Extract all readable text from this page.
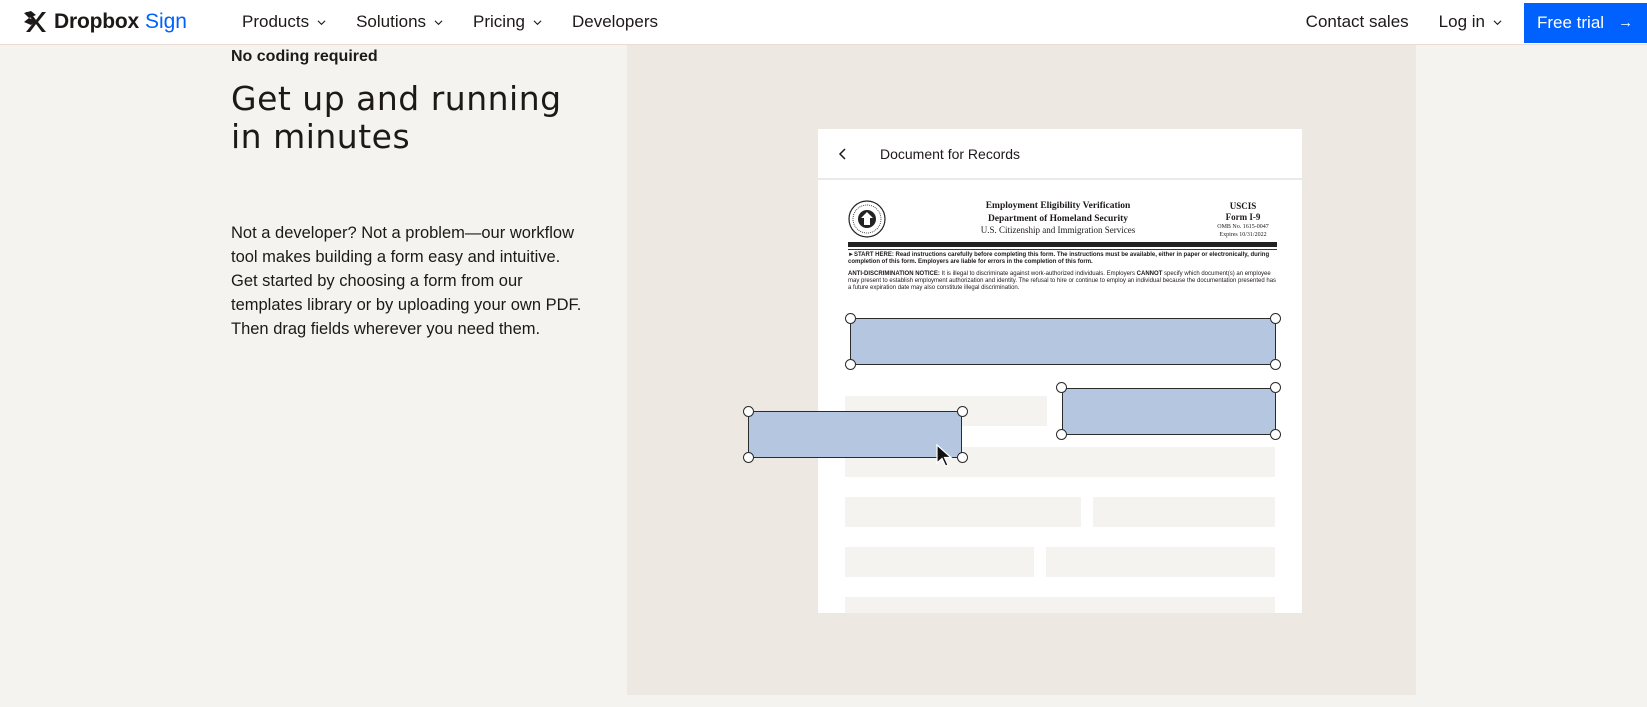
Dropbox Sign	Products	Solutions	Pricing	Developers	Contact sales Log in	Free trial →
No coding required
Get up and running in minutes

Not a developer? Not a problem—our workflow tool makes building a form easy and intuitive. Get started by choosing a form from our templates library or by uploading your own PDF. Then drag fields wherever you need them.

Document for Records
Employment Eligibility Verification
Department of Homeland Security
U.S. Citizenship and Immigration Services
USCIS
Form I-9
OMB No. 1615-0047
Expires 10/31/2022
►START HERE: Read instructions carefully before completing this form. The instructions must be available, either in paper or electronically, during completion of this form. Employers are liable for errors in the completion of this form.
ANTI-DISCRIMINATION NOTICE: It is illegal to discriminate against work-authorized individuals. Employers CANNOT specify which document(s) an employee may present to establish employment authorization and identity. The refusal to hire or continue to employ an individual because the documentation presented has a future expiration date may also constitute illegal discrimination.
